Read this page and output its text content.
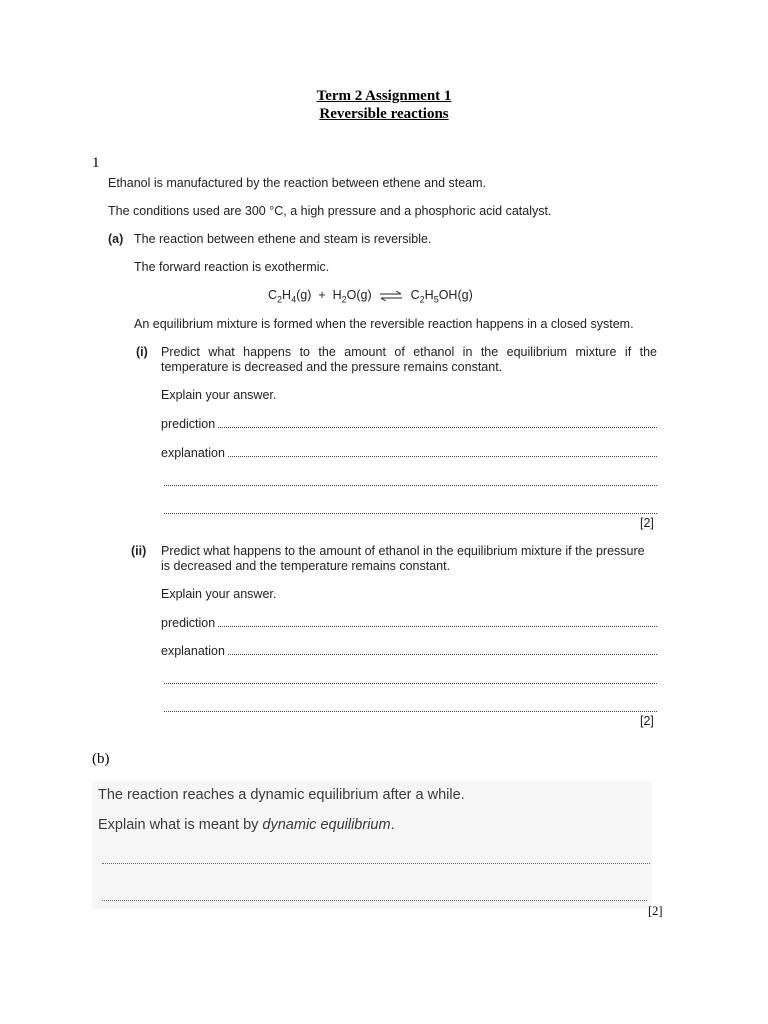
Term 2 Assignment 1
Reversible reactions
1
Ethanol is manufactured by the reaction between ethene and steam.
The conditions used are 300 °C, a high pressure and a phosphoric acid catalyst.
(a) The reaction between ethene and steam is reversible.
The forward reaction is exothermic.
$C_2H_4(g) + H_2O(g)$ ⇌ $C_2H_5OH(g)$
An equilibrium mixture is formed when the reversible reaction happens in a closed system.
(i) Predict what happens to the amount of ethanol in the equilibrium mixture if the
temperature is decreased and the pressure remains constant.
Explain your answer.
prediction
explanation
[2]
(ii) Predict what happens to the amount of ethanol in the equilibrium mixture if the pressure
is decreased and the temperature remains constant.
Explain your answer.
prediction
explanation
[2]
(b)
The reaction reaches a dynamic equilibrium after a while.
Explain what is meant by dynamic equilibrium.
[2]
